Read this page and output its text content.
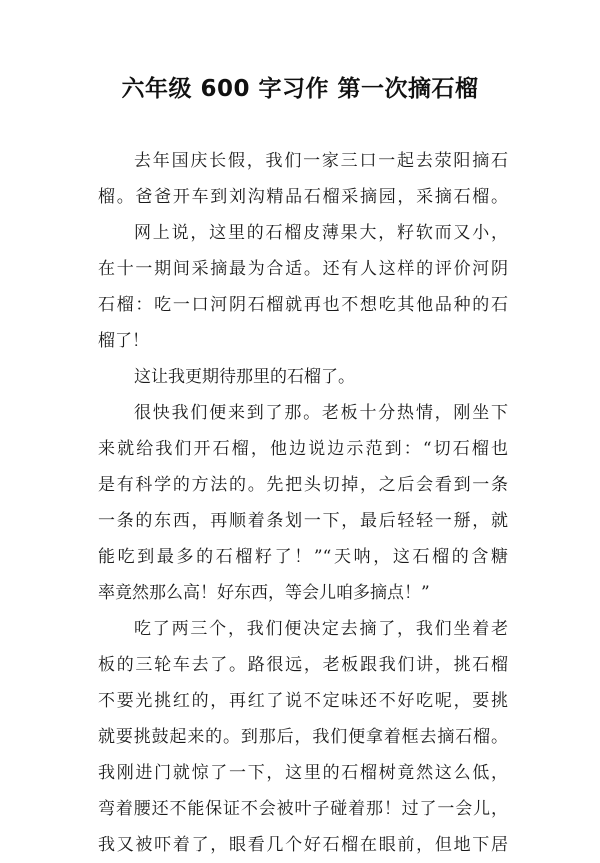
六年级 600 字习作 第一次摘石榴
去年国庆长假，我们一家三口一起去荥阳摘石
榴。爸爸开车到刘沟精品石榴采摘园，采摘石榴。
网上说，这里的石榴皮薄果大，籽软而又小，
在十一期间采摘最为合适。还有人这样的评价河阴
石榴：吃一口河阴石榴就再也不想吃其他品种的石
榴了！
这让我更期待那里的石榴了。
很快我们便来到了那。老板十分热情，刚坐下
来就给我们开石榴，他边说边示范到：“切石榴也
是有科学的方法的。先把头切掉，之后会看到一条
一条的东西，再顺着条划一下，最后轻轻一掰，就
能吃到最多的石榴籽了！”“天呐，这石榴的含糖
率竟然那么高！好东西，等会儿咱多摘点！”
吃了两三个，我们便决定去摘了，我们坐着老
板的三轮车去了。路很远，老板跟我们讲，挑石榴
不要光挑红的，再红了说不定味还不好吃呢，要挑
就要挑鼓起来的。到那后，我们便拿着框去摘石榴。
我刚进门就惊了一下，这里的石榴树竟然这么低，
弯着腰还不能保证不会被叶子碰着那！过了一会儿，
我又被吓着了，眼看几个好石榴在眼前，但地下居
